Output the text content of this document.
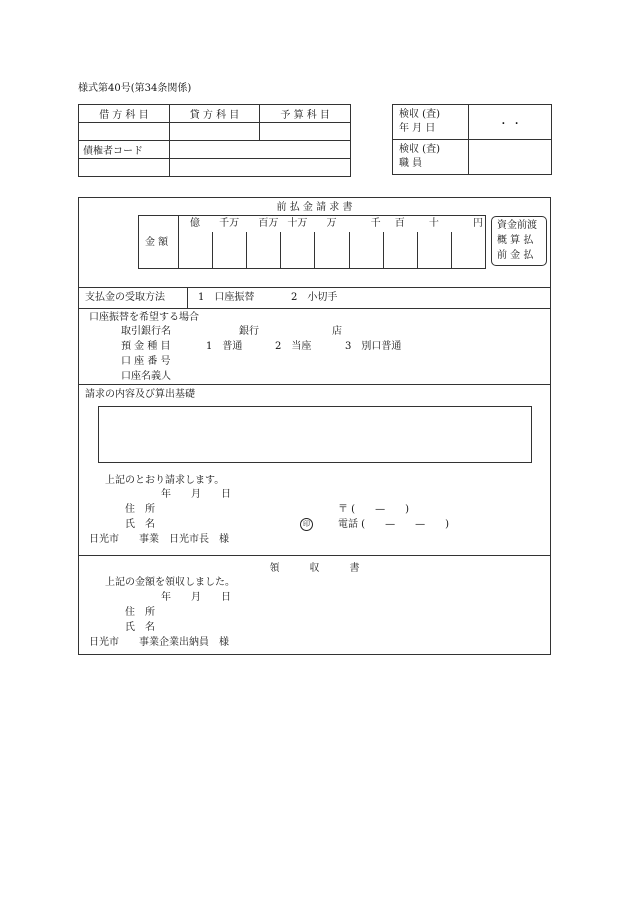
様式第40号(第34条関係)
借 方 科 目	貸 方 科 目	予 算 科 目

債権者コード		

検収 (査)
年 月 日	・ ・

検収 (査)
職 員	

前 払 金 請 求 書
金 額
億	千万	百万 十万	万	千	百	十	円 資金前渡
概 算 払
前 金 払
支払金の受取方法	1　口座振替	2　小切手
口座振替を希望する場合
取引銀行名	銀行	店
預 金 種 目	1　普通	2　当座	3　別口普通
口 座 番 号
口座名義人
請求の内容及び算出基礎
上記のとおり請求します。
年　　月　　日
住　所	〒 (　　—　　)
氏　名	印	電話 (　　—　　—　　)
日光市　　事業　日光市長　様
領　　　収　　　書
上記の金額を領収しました。
年　　月　　日
住　所
氏　名
日光市　　事業企業出納員　様
